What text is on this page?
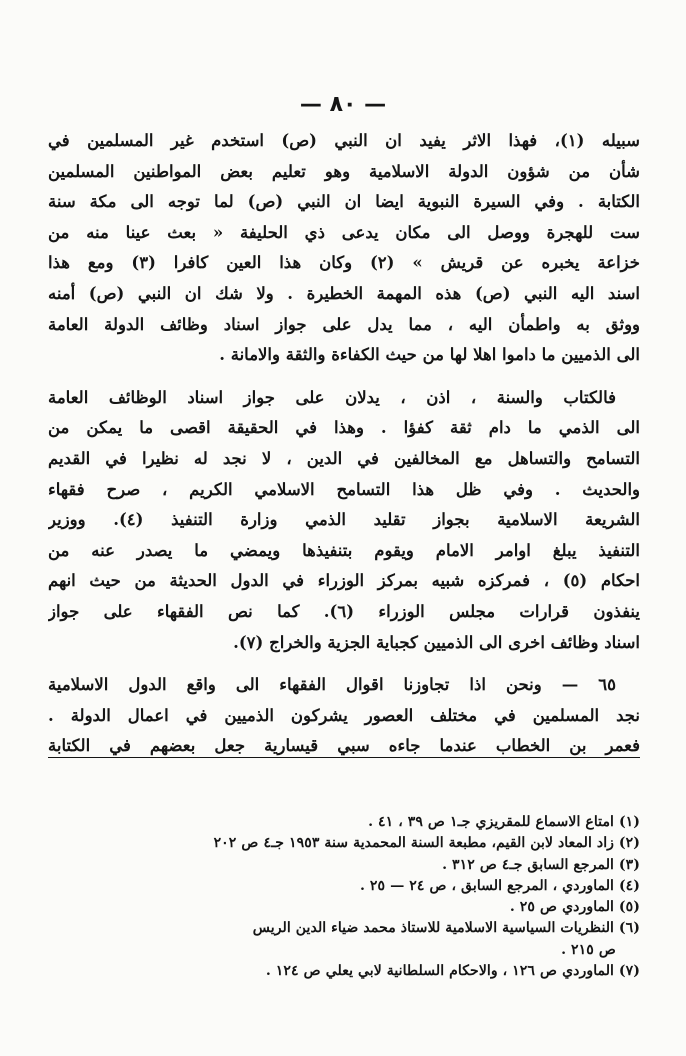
— ٨٠ —
سبيله (١)، فهذا الاثر يفيد ان النبي (ص) استخدم غير المسلمين في
شأن من شؤون الدولة الاسلامية وهو تعليم بعض المواطنين المسلمين
الكتابة . وفي السيرة النبوية ايضا ان النبي (ص) لما توجه الى مكة سنة
ست للهجرة ووصل الى مكان يدعى ذي الحليفة « بعث عينا منه من
خزاعة يخبره عن قريش » (٢) وكان هذا العين كافرا (٣) ومع هذا
اسند اليه النبي (ص) هذه المهمة الخطيرة . ولا شك ان النبي (ص) أمنه
ووثق به واطمأن اليه ، مما يدل على جواز اسناد وظائف الدولة العامة
الى الذميين ما داموا اهلا لها من حيث الكفاءة والثقة والامانة .
فالكتاب والسنة ، اذن ، يدلان على جواز اسناد الوظائف العامة
الى الذمي ما دام ثقة كفؤا . وهذا في الحقيقة اقصى ما يمكن من
التسامح والتساهل مع المخالفين في الدين ، لا نجد له نظيرا في القديم
والحديث . وفي ظل هذا التسامح الاسلامي الكريم ، صرح فقهاء
الشريعة الاسلامية بجواز تقليد الذمي وزارة التنفيذ (٤). ووزير
التنفيذ يبلغ اوامر الامام ويقوم بتنفيذها ويمضي ما يصدر عنه من
احكام (٥) ، فمركزه شبيه بمركز الوزراء في الدول الحديثة من حيث انهم
ينفذون قرارات مجلس الوزراء (٦). كما نص الفقهاء على جواز
اسناد وظائف اخرى الى الذميين كجباية الجزية والخراج (٧).
٦٥ — ونحن اذا تجاوزنا اقوال الفقهاء الى واقع الدول الاسلامية
نجد المسلمين في مختلف العصور يشركون الذميين في اعمال الدولة .
فعمر بن الخطاب عندما جاءه سبي قيسارية جعل بعضهم في الكتابة
(١) امتاع الاسماع للمقريزي جـ١ ص ٣٩ ، ٤١ .
(٢) زاد المعاد لابن القيم، مطبعة السنة المحمدية سنة ١٩٥٣ جـ٤ ص ٢٠٢
(٣) المرجع السابق جـ٤ ص ٣١٢ .
(٤) الماوردي ، المرجع السابق ، ص ٢٤ — ٢٥ .
(٥) الماوردي ص ٢٥ .
(٦) النظريات السياسية الاسلامية للاستاذ محمد ضياء الدين الريس
ص ٢١٥ .
(٧) الماوردي ص ١٢٦ ، والاحكام السلطانية لابي يعلي ص ١٢٤ .
